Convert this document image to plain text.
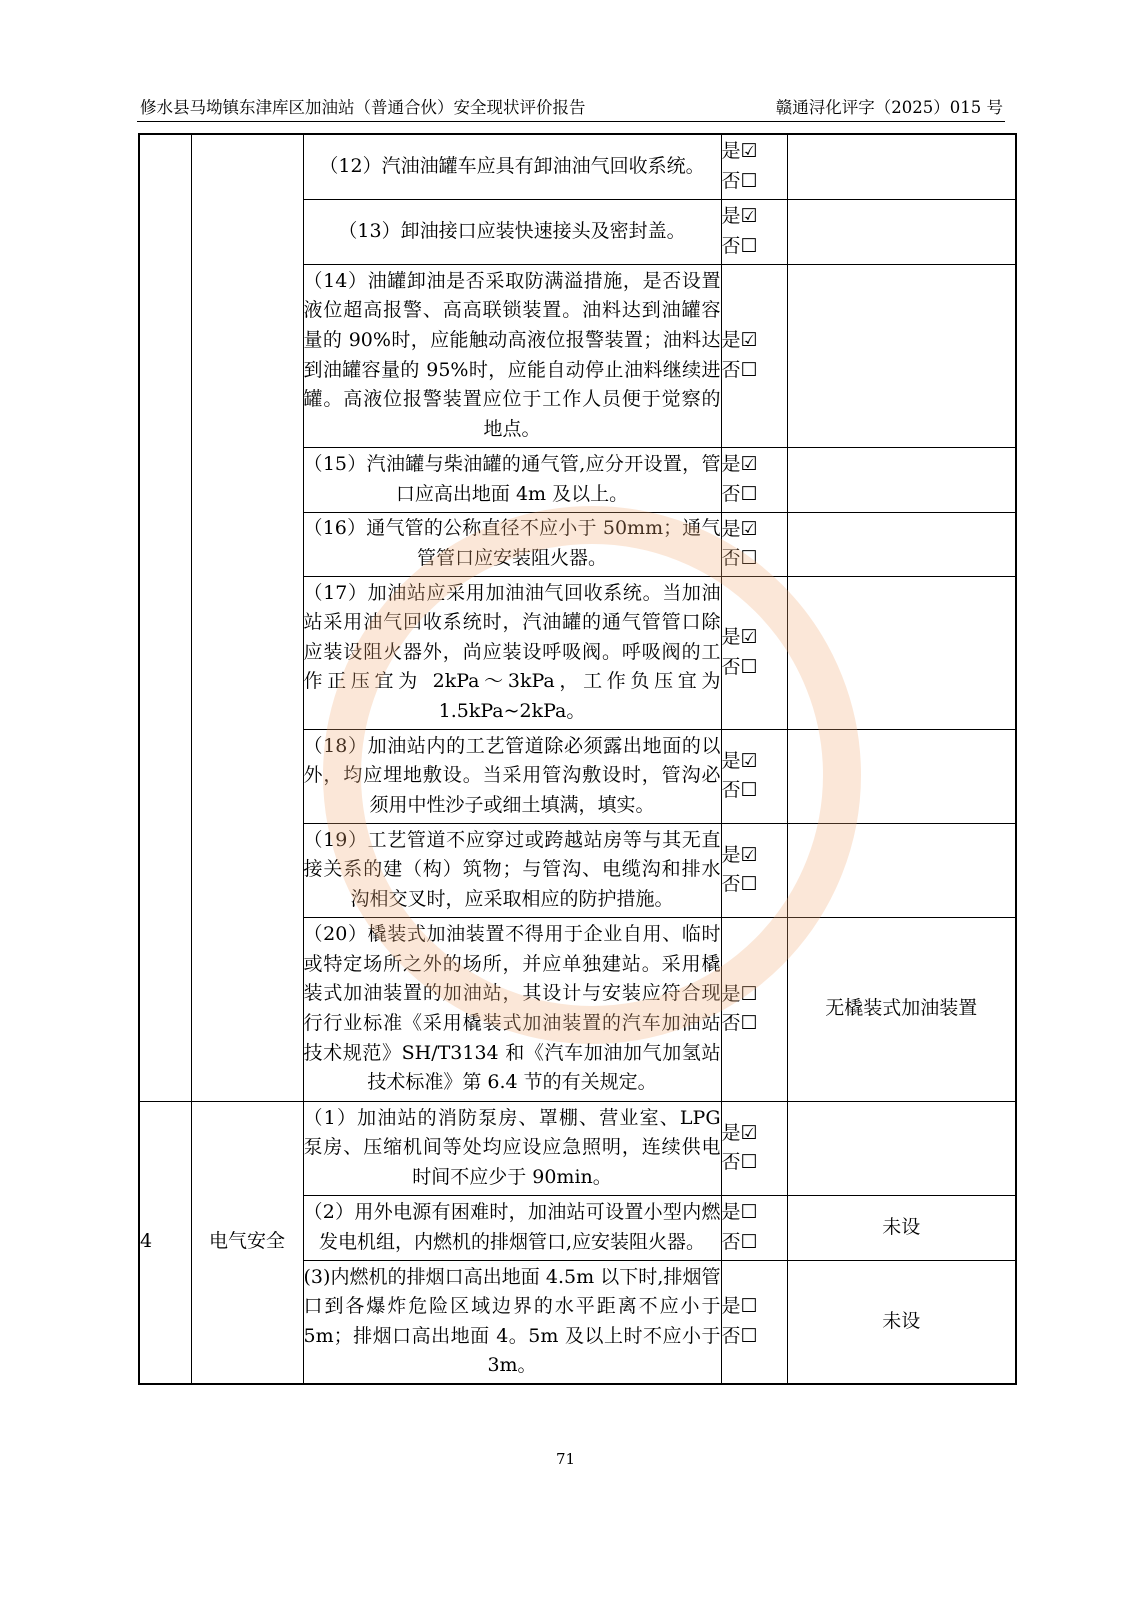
修水县马坳镇东津库区加油站（普通合伙）安全现状评价报告	赣通浔化评字（2025）015 号
		（12）汽油油罐车应具有卸油油气回收系统。	是☑
否☐	

		（13）卸油接口应装快速接头及密封盖。	是☑
否☐	

		（14）油罐卸油是否采取防满溢措施，是否设置液位超高报警、高高联锁装置。油料达到油罐容量的 90%时，应能触动高液位报警装置；油料达到油罐容量的 95%时，应能自动停止油料继续进罐。高液位报警装置应位于工作人员便于觉察的地点。	是☑
否☐	

		（15）汽油罐与柴油罐的通气管,应分开设置，管口应高出地面 4m 及以上。	是☑
否☐	

		（16）通气管的公称直径不应小于 50mm；通气管管口应安装阻火器。	是☑
否☐	

		（17）加油站应采用加油油气回收系统。当加油站采用油气回收系统时，汽油罐的通气管管口除应装设阻火器外，尚应装设呼吸阀。呼吸阀的工作正压宜为 2kPa～3kPa，工作负压宜为 1.5kPa~2kPa。	是☑
否☐	

		（18）加油站内的工艺管道除必须露出地面的以外，均应埋地敷设。当采用管沟敷设时，管沟必须用中性沙子或细土填满，填实。	是☑
否☐	

		（19）工艺管道不应穿过或跨越站房等与其无直接关系的建（构）筑物；与管沟、电缆沟和排水沟相交叉时，应采取相应的防护措施。	是☑
否☐	

		（20）橇装式加油装置不得用于企业自用、临时或特定场所之外的场所，并应单独建站。采用橇装式加油装置的加油站，其设计与安装应符合现行行业标准《采用橇装式加油装置的汽车加油站技术规范》SH/T3134 和《汽车加油加气加氢站技术标准》第 6.4 节的有关规定。	是☐
否☐	无橇装式加油装置
4	电气安全	（1）加油站的消防泵房、罩棚、营业室、LPG 泵房、压缩机间等处均应设应急照明，连续供电时间不应少于 90min。	是☑
否☐	

		（2）用外电源有困难时，加油站可设置小型内燃发电机组，内燃机的排烟管口,应安装阻火器。	是☐
否☐	未设
		(3)内燃机的排烟口高出地面 4.5m 以下时,排烟管口到各爆炸危险区域边界的水平距离不应小于 5m；排烟口高出地面 4。5m 及以上时不应小于 3m。	是☐
否☐	未设
71
